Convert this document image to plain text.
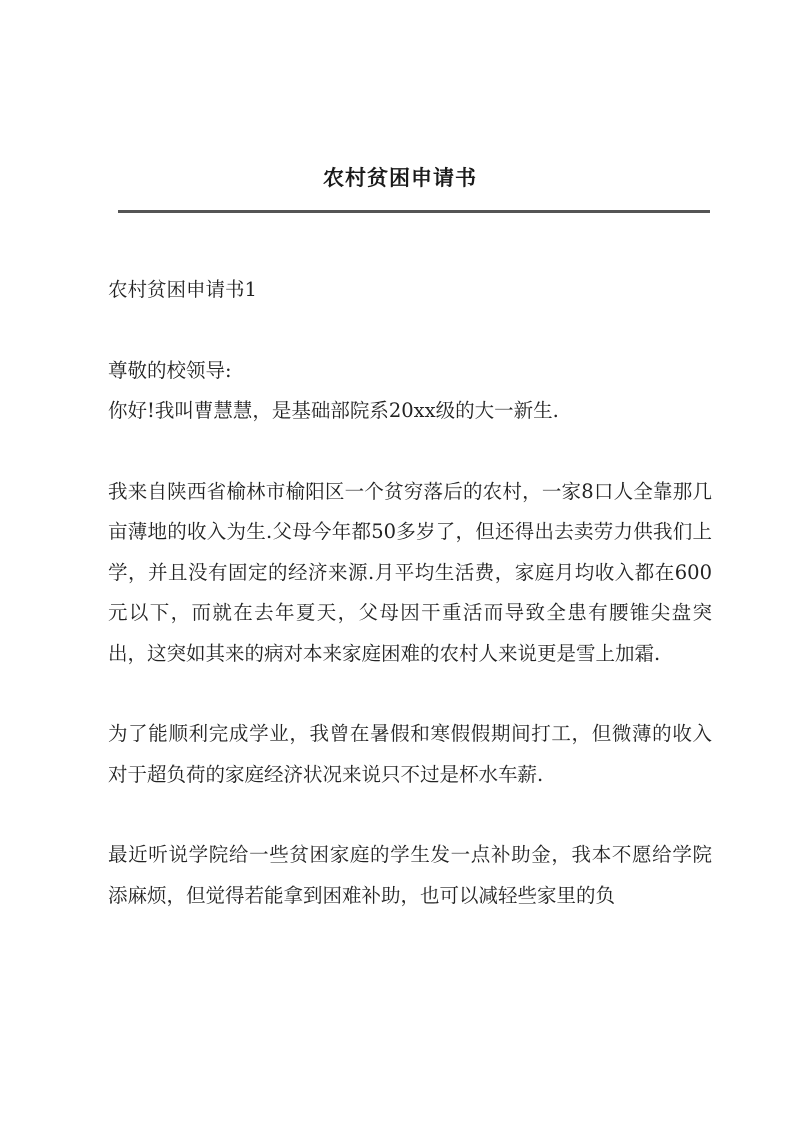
农村贫困申请书

农村贫困申请书1

尊敬的校领导:

你好!我叫曹慧慧，是基础部院系20xx级的大一新生.

我来自陕西省榆林市榆阳区一个贫穷落后的农村，一家8口人全靠那几亩薄地的收入为生.父母今年都50多岁了，但还得出去卖劳力供我们上学，并且没有固定的经济来源.月平均生活费，家庭月均收入都在600元以下，而就在去年夏天，父母因干重活而导致全患有腰锥尖盘突出，这突如其来的病对本来家庭困难的农村人来说更是雪上加霜.

为了能顺利完成学业，我曾在暑假和寒假假期间打工，但微薄的收入对于超负荷的家庭经济状况来说只不过是杯水车薪.

最近听说学院给一些贫困家庭的学生发一点补助金，我本不愿给学院添麻烦，但觉得若能拿到困难补助，也可以减轻些家里的负
